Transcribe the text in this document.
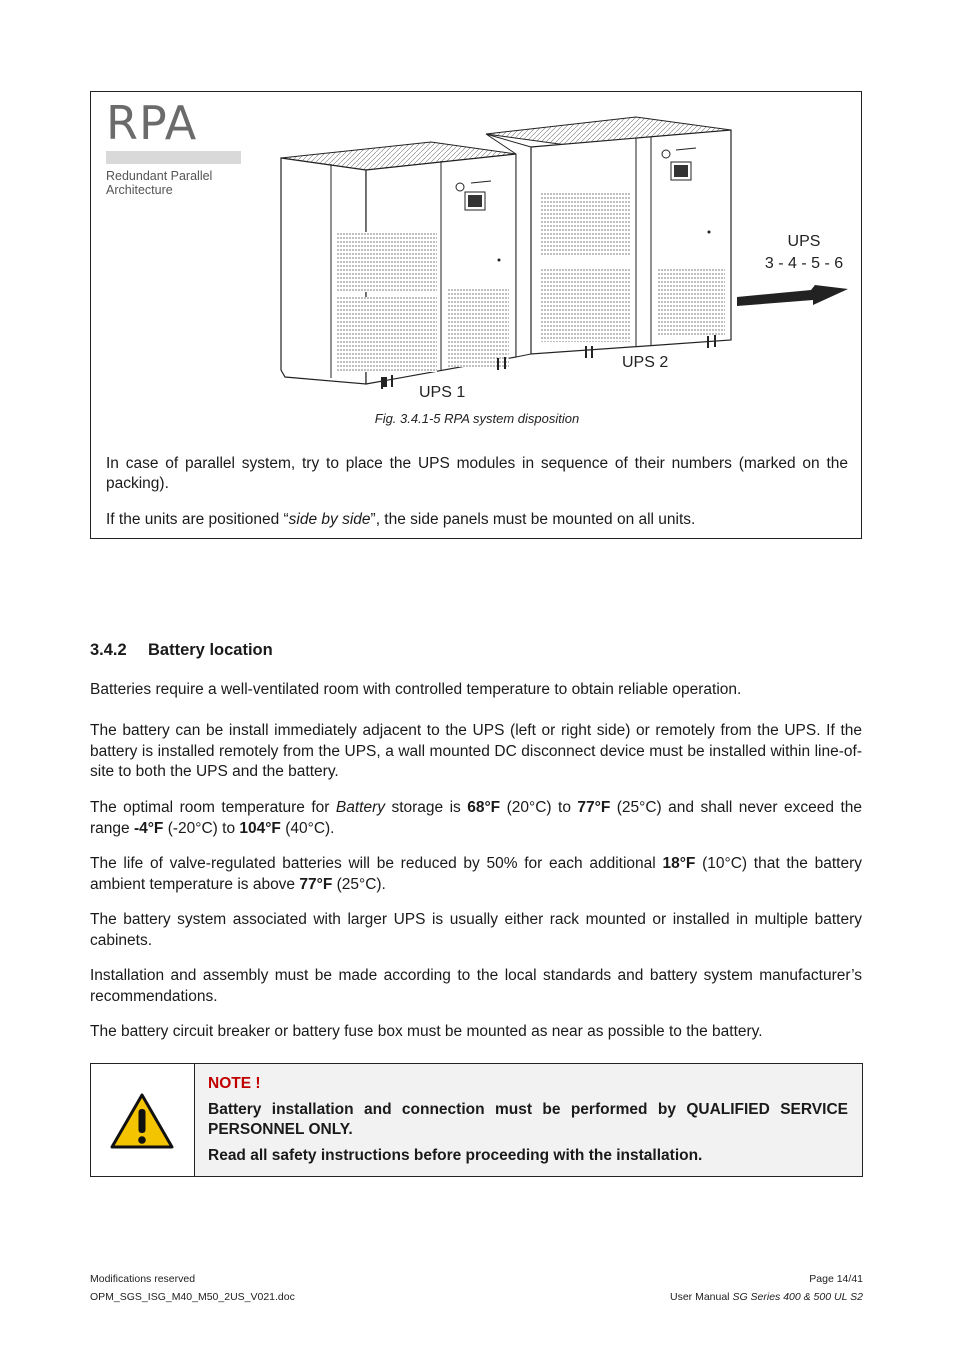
RPA
Redundant Parallel
Architecture
UPS 1
UPS 2
UPS
3 - 4 - 5 - 6
Fig. 3.4.1-5 RPA system disposition
In case of parallel system, try to place the UPS modules in sequence of their numbers (marked on the packing).
If the units are positioned “side by side”, the side panels must be mounted on all units.
3.4.2 Battery location

Batteries require a well-ventilated room with controlled temperature to obtain reliable operation.

The battery can be install immediately adjacent to the UPS (left or right side) or remotely from the UPS. If the battery is installed remotely from the UPS, a wall mounted DC disconnect device must be installed within line-of-site to both the UPS and the battery.

The optimal room temperature for Battery storage is 68°F (20°C) to 77°F (25°C) and shall never exceed the range -4°F (-20°C) to 104°F (40°C).

The life of valve-regulated batteries will be reduced by 50% for each additional 18°F (10°C) that the battery ambient temperature is above 77°F (25°C).

The battery system associated with larger UPS is usually either rack mounted or installed in multiple battery cabinets.

Installation and assembly must be made according to the local standards and battery system manufacturer’s recommendations.

The battery circuit breaker or battery fuse box must be mounted as near as possible to the battery.

NOTE !
Battery installation and connection must be performed by QUALIFIED SERVICE PERSONNEL ONLY.
Read all safety instructions before proceeding with the installation.
Modifications reserved
OPM_SGS_ISG_M40_M50_2US_V021.doc
Page 14/41
User Manual SG Series 400 & 500 UL S2
